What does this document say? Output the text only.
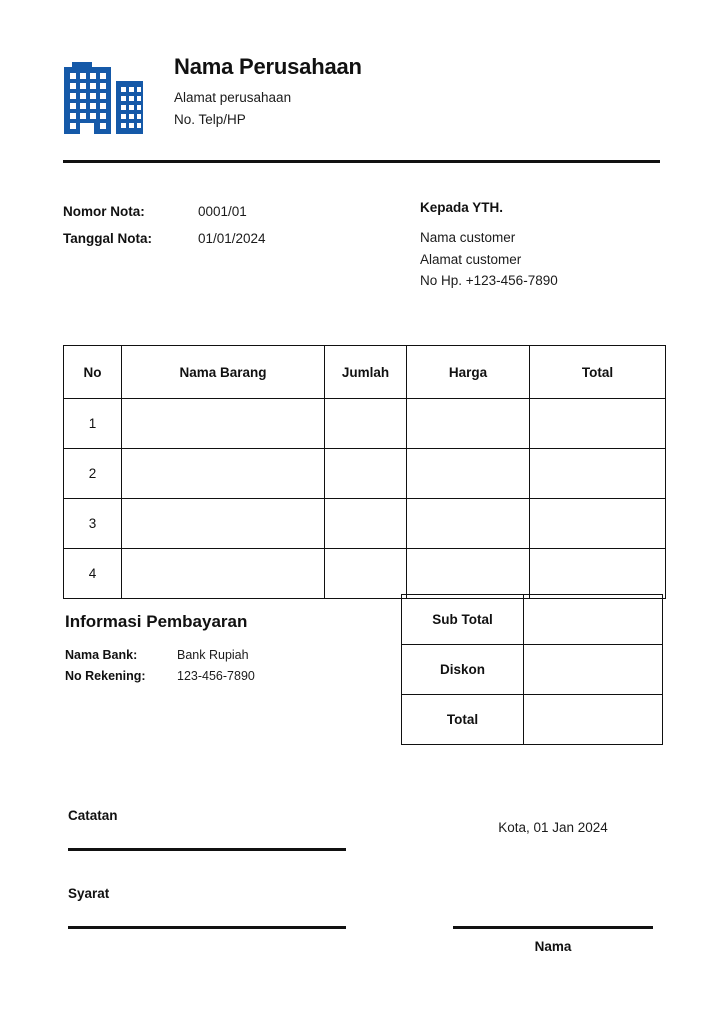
Nama Perusahaan
Alamat perusahaan
No. Telp/HP
Nomor Nota:	0001/01
Tanggal Nota:	01/01/2024
Kepada YTH.
Nama customer
Alamat customer
No Hp. +123-456-7890
No	Nama Barang	Jumlah	Harga	Total
1				
2				
3				
4				
Informasi Pembayaran
Nama Bank:	Bank Rupiah
No Rekening:	123-456-7890
Sub Total	
Diskon	
Total	
Catatan
Syarat
Kota, 01 Jan 2024
Nama
